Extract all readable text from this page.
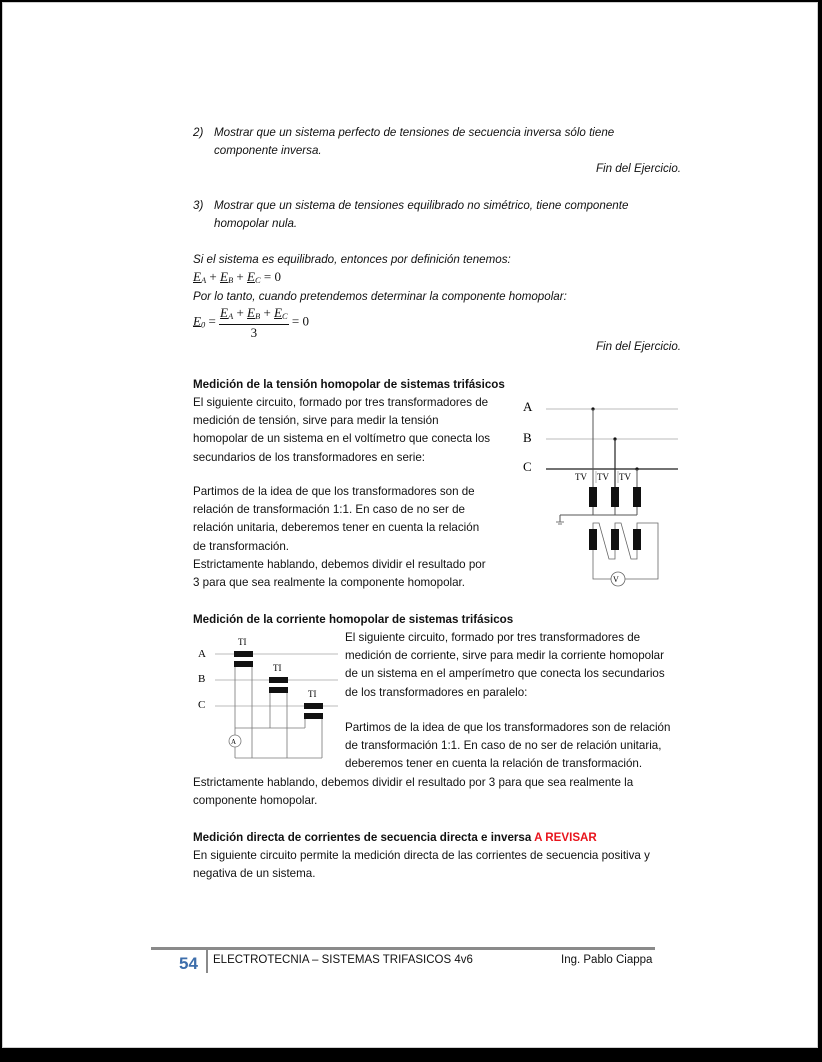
2) Mostrar que un sistema perfecto de tensiones de secuencia inversa sólo tiene
componente inversa.
Fin del Ejercicio.
3) Mostrar que un sistema de tensiones equilibrado no simétrico, tiene componente
homopolar nula.
Si el sistema es equilibrado, entonces por definición tenemos:
$E_A + E_B + E_C = 0$
Por lo tanto, cuando pretendemos determinar la componente homopolar:
$E_0 = \frac{E_A + E_B + E_C}{3} = 0$
Fin del Ejercicio.
Medición de la tensión homopolar de sistemas trifásicos
El siguiente circuito, formado por tres transformadores de
medición de tensión, sirve para medir la tensión
homopolar de un sistema en el voltímetro que conecta los
secundarios de los transformadores en serie:
Partimos de la idea de que los transformadores son de
relación de transformación 1:1. En caso de no ser de
relación unitaria, deberemos tener en cuenta la relación
de transformación.
Estrictamente hablando, debemos dividir el resultado por
3 para que sea realmente la componente homopolar.
A
B
C
TV TV TV
V
Medición de la corriente homopolar de sistemas trifásicos
A
B
C
TI
TI
TI
A
El siguiente circuito, formado por tres transformadores de
medición de corriente, sirve para medir la corriente homopolar
de un sistema en el amperímetro que conecta los secundarios
de los transformadores en paralelo:
Partimos de la idea de que los transformadores son de relación
de transformación 1:1. En caso de no ser de relación unitaria,
deberemos tener en cuenta la relación de transformación.
Estrictamente hablando, debemos dividir el resultado por 3 para que sea realmente la
componente homopolar.
Medición directa de corrientes de secuencia directa e inversa A REVISAR
En siguiente circuito permite la medición directa de las corrientes de secuencia positiva y
negativa de un sistema.
54 ELECTROTECNIA – SISTEMAS TRIFASICOS 4v6	Ing. Pablo Ciappa
